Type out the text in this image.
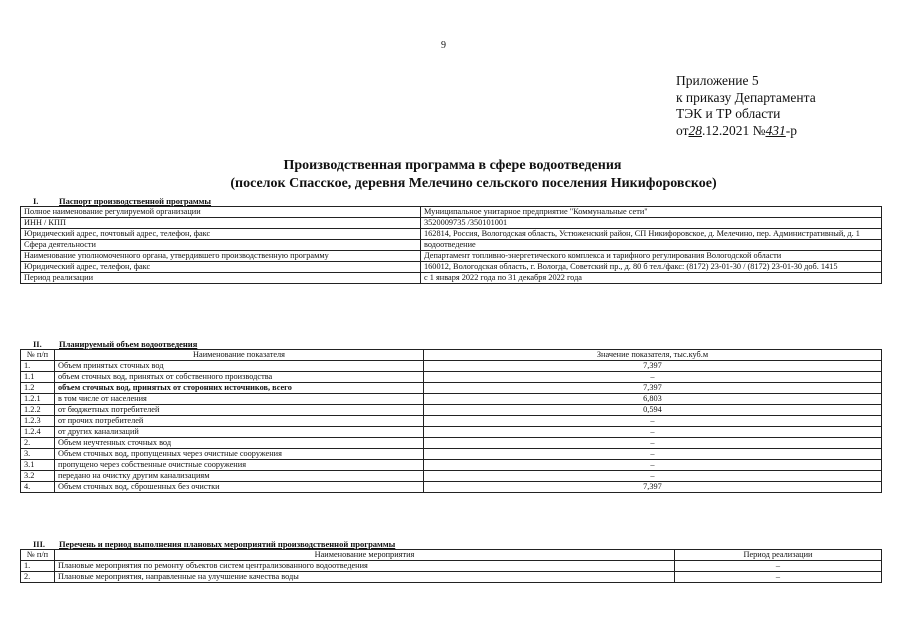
9
Приложение 5
к приказу Департамента
ТЭК и ТР области
от28.12.2021 №431-р
Производственная программа в сфере водоотведения
(поселок Спасское, деревня Мелечино сельского поселения Никифоровское)
I. Паспорт производственной программы
Полное наименование регулируемой организации	Муниципальное унитарное предприятие "Коммунальные сети"
ИНН / КПП	3520009735 /350101001
Юридический адрес, почтовый адрес, телефон, факс	162814, Россия, Вологодская область, Устюженский район, СП Никифоровское, д. Мелечино, пер. Административный, д. 1
Сфера деятельности	водоотведение
Наименование уполномоченного органа, утвердившего производственную программу	Департамент топливно-энергетического комплекса и тарифного регулирования Вологодской области
Юридический адрес, телефон, факс	160012, Вологодская область, г. Вологда, Советский пр., д. 80 б тел./факс: (8172) 23-01-30 / (8172) 23-01-30 доб. 1415
Период реализации	с 1 января 2022 года по 31 декабря 2022 года
II. Планируемый объем водоотведения
№ п/п	Наименование показателя	Значение показателя, тыс.куб.м
1.	Объем принятых сточных вод	7,397
1.1	объем сточных вод, принятых от собственного производства	–
1.2	объем сточных вод, принятых от сторонних источников, всего	7,397
1.2.1	в том числе от населения	6,803
1.2.2	от бюджетных потребителей	0,594
1.2.3	от прочих потребителей	–
1.2.4	от других канализаций	–
2.	Объем неучтенных сточных вод	–
3.	Объем сточных вод, пропущенных через очистные сооружения	–
3.1	пропущено через собственные очистные сооружения	–
3.2	передано на очистку другим канализациям	–
4.	Объем сточных вод, сброшенных без очистки	7,397
III. Перечень и период выполнения плановых мероприятий производственной программы
№ п/п	Наименование мероприятия	Период реализации
1.	Плановые мероприятия по ремонту объектов систем централизованного водоотведения	–
2.	Плановые мероприятия, направленные на улучшение качества воды	–
